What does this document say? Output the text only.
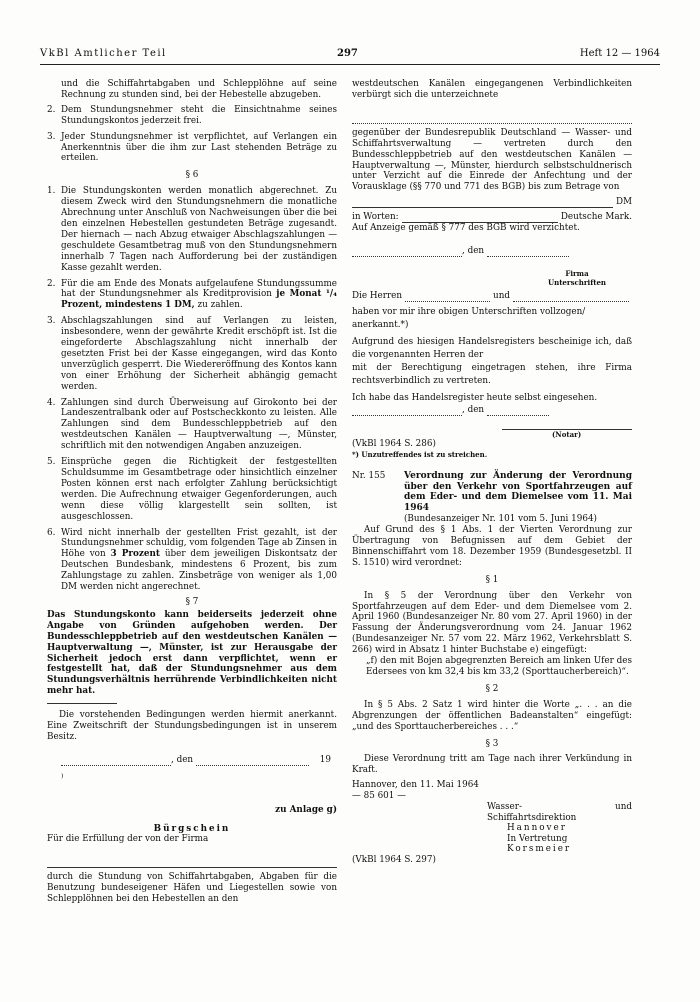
VkBl Amtlicher Teil	297	Heft 12 — 1964

und die Schiffahrtabgaben und Schlepplöhne auf seine Rechnung zu stunden sind, bei der Hebestelle abzugeben.

2. Dem Stundungsnehmer steht die Einsichtnahme seines Stundungskontos jederzeit frei.
3. Jeder Stundungsnehmer ist verpflichtet, auf Verlangen ein Anerkenntnis über die ihm zur Last stehenden Beträge zu erteilen.
§ 6
1. Die Stundungskonten werden monatlich abgerechnet. Zu diesem Zweck wird den Stundungsnehmern die monatliche Abrechnung unter Anschluß von Nachweisungen über die bei den einzelnen Hebestellen gestundeten Beträge zugesandt. Der hiernach — nach Abzug etwaiger Abschlagszahlungen — geschuldete Gesamtbetrag muß von den Stundungsnehmern innerhalb 7 Tagen nach Aufforderung bei der zuständigen Kasse gezahlt werden.
2. Für die am Ende des Monats aufgelaufene Stundungssumme hat der Stundungsnehmer als Kreditprovision je Monat ¹/₄ Prozent, mindestens 1 DM, zu zahlen.
3. Abschlagszahlungen sind auf Verlangen zu leisten, insbesondere, wenn der gewährte Kredit erschöpft ist. Ist die eingeforderte Abschlagszahlung nicht innerhalb der gesetzten Frist bei der Kasse eingegangen, wird das Konto unverzüglich gesperrt. Die Wiedereröffnung des Kontos kann von einer Erhöhung der Sicherheit abhängig gemacht werden.
4. Zahlungen sind durch Überweisung auf Girokonto bei der Landeszentralbank oder auf Postscheckkonto zu leisten. Alle Zahlungen sind dem Bundesschleppbetrieb auf den westdeutschen Kanälen — Hauptverwaltung —, Münster, schriftlich mit den notwendigen Angaben anzuzeigen.
5. Einsprüche gegen die Richtigkeit der festgestellten Schuldsumme im Gesamtbetrage oder hinsichtlich einzelner Posten können erst nach erfolgter Zahlung berücksichtigt werden. Die Aufrechnung etwaiger Gegenforderungen, auch wenn diese völlig klargestellt sein sollten, ist ausgeschlossen.
6. Wird nicht innerhalb der gestellten Frist gezahlt, ist der Stundungsnehmer schuldig, vom folgenden Tage ab Zinsen in Höhe von 3 Prozent über dem jeweiligen Diskontsatz der Deutschen Bundesbank, mindestens 6 Prozent, bis zum Zahlungstage zu zahlen. Zinsbeträge von weniger als 1,00 DM werden nicht angerechnet.
§ 7

Das Stundungskonto kann beiderseits jederzeit ohne Angabe von Gründen aufgehoben werden. Der Bundesschleppbetrieb auf den westdeutschen Kanälen — Hauptverwaltung —, Münster, ist zur Herausgabe der Sicherheit jedoch erst dann verpflichtet, wenn er festgestellt hat, daß der Stundungsnehmer aus dem Stundungsverhältnis herrührende Verbindlichkeiten nicht mehr hat.

Die vorstehenden Bedingungen werden hiermit anerkannt. Eine Zweitschrift der Stundungsbedingungen ist in unserem Besitz.

, den	19
⁾
zu Anlage g)
Bürgschein

Für die Erfüllung der von der Firma

durch die Stundung von Schiffahrtabgaben, Abgaben für die Benutzung bundeseigener Häfen und Liegestellen sowie von Schlepplöhnen bei den Hebestellen an den

westdeutschen Kanälen eingegangenen Verbindlichkeiten verbürgt sich die unterzeichnete

gegenüber der Bundesrepublik Deutschland — Wasser- und Schiffahrtsverwaltung — vertreten durch den Bundesschleppbetrieb auf den westdeutschen Kanälen — Hauptverwaltung —, Münster, hierdurch selbstschuldnerisch unter Verzicht auf die Einrede der Anfechtung und der Vorausklage (§§ 770 und 771 des BGB) bis zum Betrage von

DM
in Worten:	Deutsche Mark.

Auf Anzeige gemäß § 777 des BGB wird verzichtet.

, den
Firma
Unterschriften
Die Herren	und

haben vor mir ihre obigen Unterschriften vollzogen/ anerkannt.*)

Aufgrund des hiesigen Handelsregisters bescheinige ich, daß die vorgenannten Herren der

mit der Berechtigung eingetragen stehen, ihre Firma rechtsverbindlich zu vertreten.

Ich habe das Handelsregister heute selbst eingesehen.

, den
(Notar)

(VkBl 1964 S. 286)

*) Unzutreffendes ist zu streichen.

Nr. 155	Verordnung zur Änderung der Verordnung über den Verkehr von Sportfahrzeugen auf dem Eder- und dem Diemelsee vom 11. Mai 1964

(Bundesanzeiger Nr. 101 vom 5. Juni 1964)

Auf Grund des § 1 Abs. 1 der Vierten Verordnung zur Übertragung von Befugnissen auf dem Gebiet der Binnenschiffahrt vom 18. Dezember 1959 (Bundesgesetzbl. II S. 1510) wird verordnet:

§ 1

In § 5 der Verordnung über den Verkehr von Sportfahrzeugen auf dem Eder- und dem Diemelsee vom 2. April 1960 (Bundesanzeiger Nr. 80 vom 27. April 1960) in der Fassung der Änderungsverordnung vom 24. Januar 1962 (Bundesanzeiger Nr. 57 vom 22. März 1962, Verkehrsblatt S. 266) wird in Absatz 1 hinter Buchstabe e) eingefügt:

„f) den mit Bojen abgegrenzten Bereich am linken Ufer des Edersees von km 32,4 bis km 33,2 (Sporttaucherbereich)“.

§ 2

In § 5 Abs. 2 Satz 1 wird hinter die Worte „. . . an die Abgrenzungen der öffentlichen Badeanstalten“ eingefügt: „und des Sporttaucherbereiches . . .“

§ 3

Diese Verordnung tritt am Tage nach ihrer Verkündung in Kraft.

Hannover, den 11. Mai 1964

— 85 601 —

Wasser- und Schiffahrtsdirektion
Hannover
In Vertretung
Korsmeier

(VkBl 1964 S. 297)
